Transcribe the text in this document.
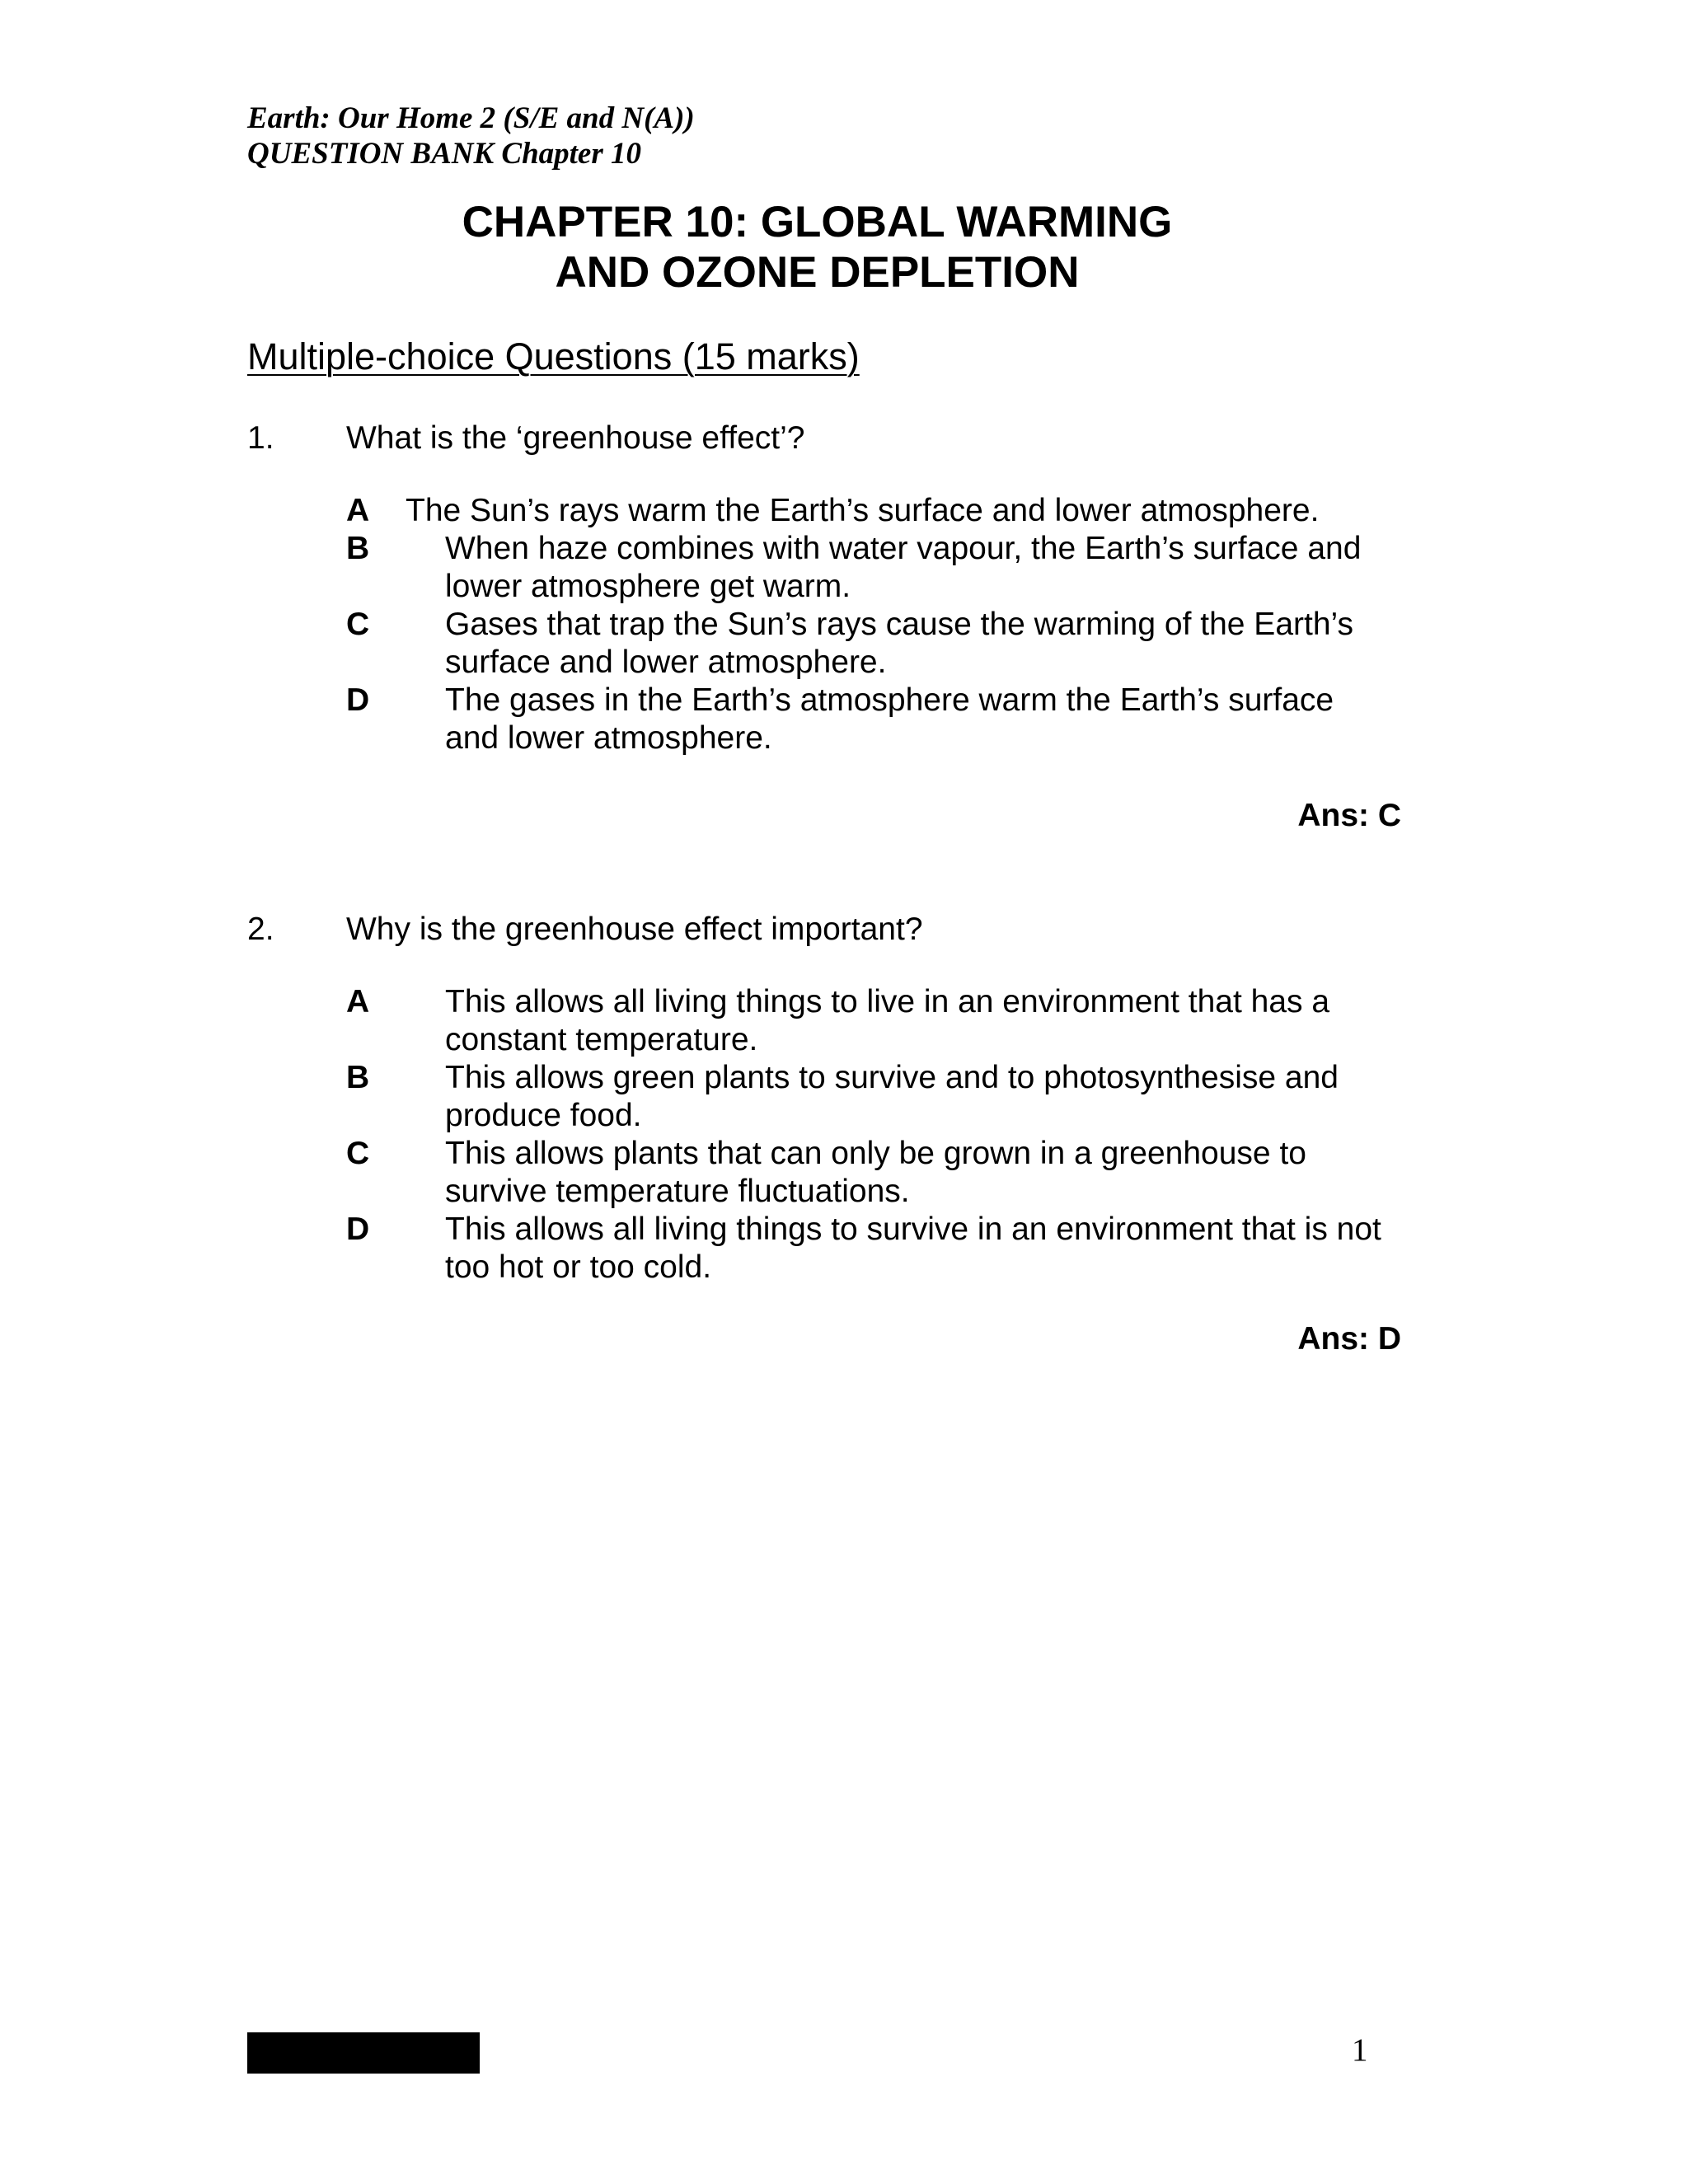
Earth: Our Home 2 (S/E and N(A))
QUESTION BANK Chapter 10
CHAPTER 10: GLOBAL WARMING
AND OZONE DEPLETION
Multiple-choice Questions (15 marks)
1. What is the ‘greenhouse effect’?
A The Sun’s rays warm the Earth’s surface and lower atmosphere.
B When haze combines with water vapour, the Earth’s surface and lower atmosphere get warm.
C Gases that trap the Sun’s rays cause the warming of the Earth’s surface and lower atmosphere.
D The gases in the Earth’s atmosphere warm the Earth’s surface and lower atmosphere.
Ans: C
2. Why is the greenhouse effect important?
A This allows all living things to live in an environment that has a constant temperature.
B This allows green plants to survive and to photosynthesise and produce food.
C This allows plants that can only be grown in a greenhouse to survive temperature fluctuations.
D This allows all living things to survive in an environment that is not too hot or too cold.
Ans: D
1
